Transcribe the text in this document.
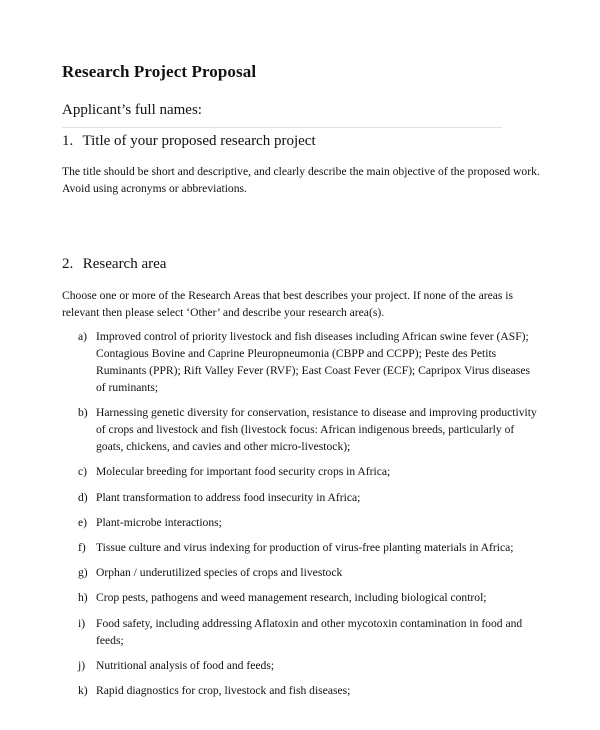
Research Project Proposal
Applicant’s full names:
1. Title of your proposed research project
The title should be short and descriptive, and clearly describe the main objective of the proposed work. Avoid using acronyms or abbreviations.
2. Research area
Choose one or more of the Research Areas that best describes your project. If none of the areas is relevant then please select ‘Other’ and describe your research area(s).
a) Improved control of priority livestock and fish diseases including African swine fever (ASF); Contagious Bovine and Caprine Pleuropneumonia (CBPP and CCPP); Peste des Petits Ruminants (PPR); Rift Valley Fever (RVF); East Coast Fever (ECF); Capripox Virus diseases of ruminants;
b) Harnessing genetic diversity for conservation, resistance to disease and improving productivity of crops and livestock and fish (livestock focus: African indigenous breeds, particularly of goats, chickens, and cavies and other micro-livestock);
c) Molecular breeding for important food security crops in Africa;
d) Plant transformation to address food insecurity in Africa;
e) Plant-microbe interactions;
f) Tissue culture and virus indexing for production of virus-free planting materials in Africa;
g) Orphan / underutilized species of crops and livestock
h) Crop pests, pathogens and weed management research, including biological control;
i) Food safety, including addressing Aflatoxin and other mycotoxin contamination in food and feeds;
j) Nutritional analysis of food and feeds;
k) Rapid diagnostics for crop, livestock and fish diseases;
